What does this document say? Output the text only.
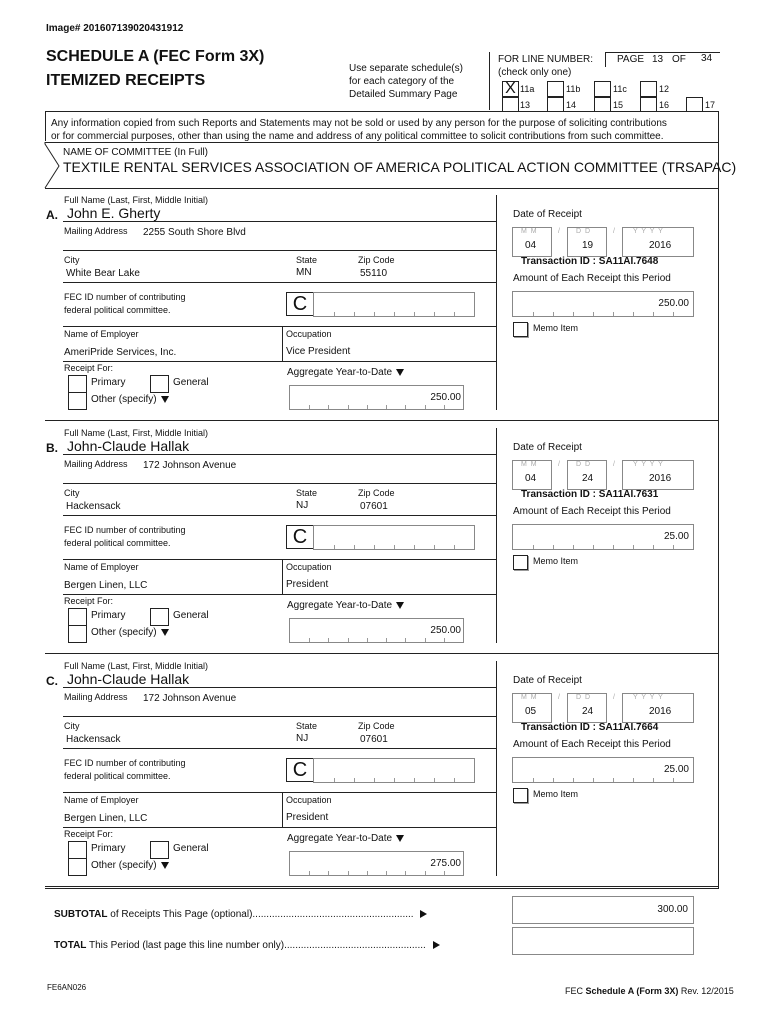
Image# 201607139020431912
SCHEDULE A (FEC Form 3X)
ITEMIZED RECEIPTS
Use separate schedule(s)
for each category of the
Detailed Summary Page
FOR LINE NUMBER:
(check only one)
PAGE 13 OF 34
X 11a	11b	11c	12
13	14	15	16	17
Any information copied from such Reports and Statements may not be sold or used by any person for the purpose of soliciting contributions
or for commercial purposes, other than using the name and address of any political committee to solicit contributions from such committee.
NAME OF COMMITTEE (In Full)
TEXTILE RENTAL SERVICES ASSOCIATION OF AMERICA POLITICAL ACTION COMMITTEE (TRSAPAC)
Full Name (Last, First, Middle Initial)
A. John E. Gherty
Mailing Address 2255 South Shore Blvd
City	State	Zip Code
White Bear Lake	MN	55110
FEC ID number of contributing
federal political committee.	C
Name of Employer	Occupation
AmeriPride Services, Inc.	Vice President
Receipt For:
Primary	General
Other (specify)
Aggregate Year-to-Date
250.00
Date of Receipt
M M
04
/ D D
19
/ Y Y Y Y
2016
Transaction ID : SA11AI.7648
Amount of Each Receipt this Period
250.00
Memo Item
Full Name (Last, First, Middle Initial)
B. John-Claude Hallak
Mailing Address 172 Johnson Avenue
City	State	Zip Code
Hackensack	NJ	07601
FEC ID number of contributing
federal political committee.	C
Name of Employer	Occupation
Bergen Linen, LLC	President
Receipt For:
Primary	General
Other (specify)
Aggregate Year-to-Date
250.00
Date of Receipt
M M
04
/ D D
24
/ Y Y Y Y
2016
Transaction ID : SA11AI.7631
Amount of Each Receipt this Period
25.00
Memo Item
Full Name (Last, First, Middle Initial)
C. John-Claude Hallak
Mailing Address 172 Johnson Avenue
City	State	Zip Code
Hackensack	NJ	07601
FEC ID number of contributing
federal political committee.	C
Name of Employer	Occupation
Bergen Linen, LLC	President
Receipt For:
Primary	General
Other (specify)
Aggregate Year-to-Date
275.00
Date of Receipt
M M
05
/ D D
24
/ Y Y Y Y
2016
Transaction ID : SA11AI.7664
Amount of Each Receipt this Period
25.00
Memo Item
SUBTOTAL of Receipts This Page (optional)..........................................................	300.00
TOTAL This Period (last page this line number only)...................................................
FE6AN026	FEC Schedule A (Form 3X) Rev. 12/2015
